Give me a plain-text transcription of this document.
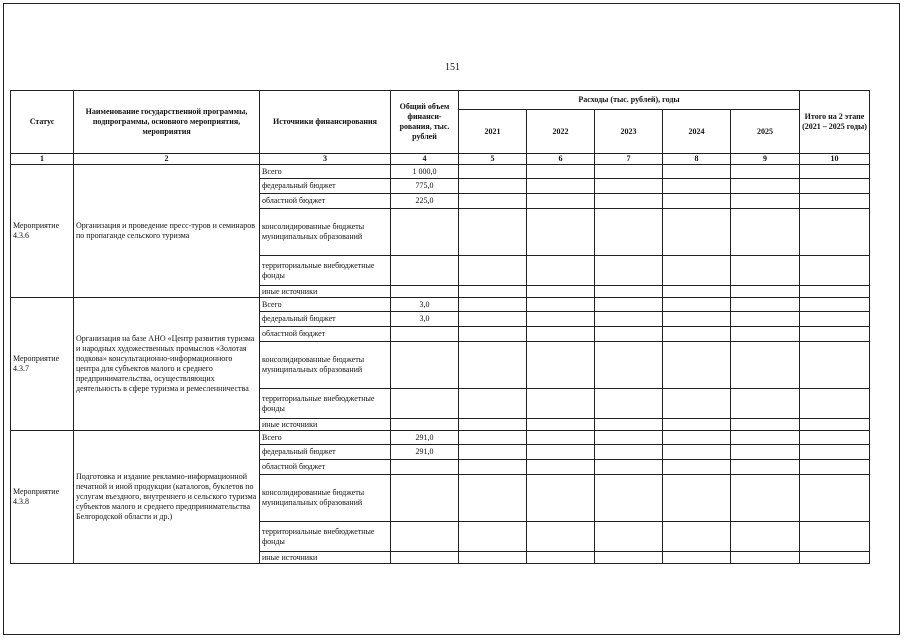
151
Статус	Наименование государственной программы, подпрограммы, основного мероприятия, мероприятия	Источники финансирования	Общий объем финанси-рования, тыс. рублей	Расходы (тыс. рублей), годы					Итого на 2 этапе (2021 – 2025 годы)
				2021	2022	2023	2024	2025	
1	2	3	4	5	6	7	8	9	10
Мероприятие 4.3.6	Организация и проведение пресс-туров и семинаров по пропаганде сельского туризма	Всего	1 000,0						
		федеральный бюджет	775,0						
		областной бюджет	225,0						
		консолидированные бюджеты муниципальных образований							
		территориальные внебюджетные фонды							
		иные источники							
Мероприятие 4.3.7	Организация на базе АНО «Центр развития туризма и народных художественных промыслов «Золотая подкова» консультационно-информационного центра для субъектов малого и среднего предпринимательства, осуществляющих деятельность в сфере туризма и ремесленничества	Всего	3,0						
		федеральный бюджет	3,0						
		областной бюджет							
		консолидированные бюджеты муниципальных образований							
		территориальные внебюджетные фонды							
		иные источники							
Мероприятие 4.3.8	Подготовка и издание рекламно-информационной печатной и иной продукции (каталогов, буклетов по услугам въездного, внутреннего и сельского туризма субъектов малого и среднего предпринимательства Белгородской области и др.)	Всего	291,0						
		федеральный бюджет	291,0						
		областной бюджет							
		консолидированные бюджеты муниципальных образований							
		территориальные внебюджетные фонды							
		иные источники							
